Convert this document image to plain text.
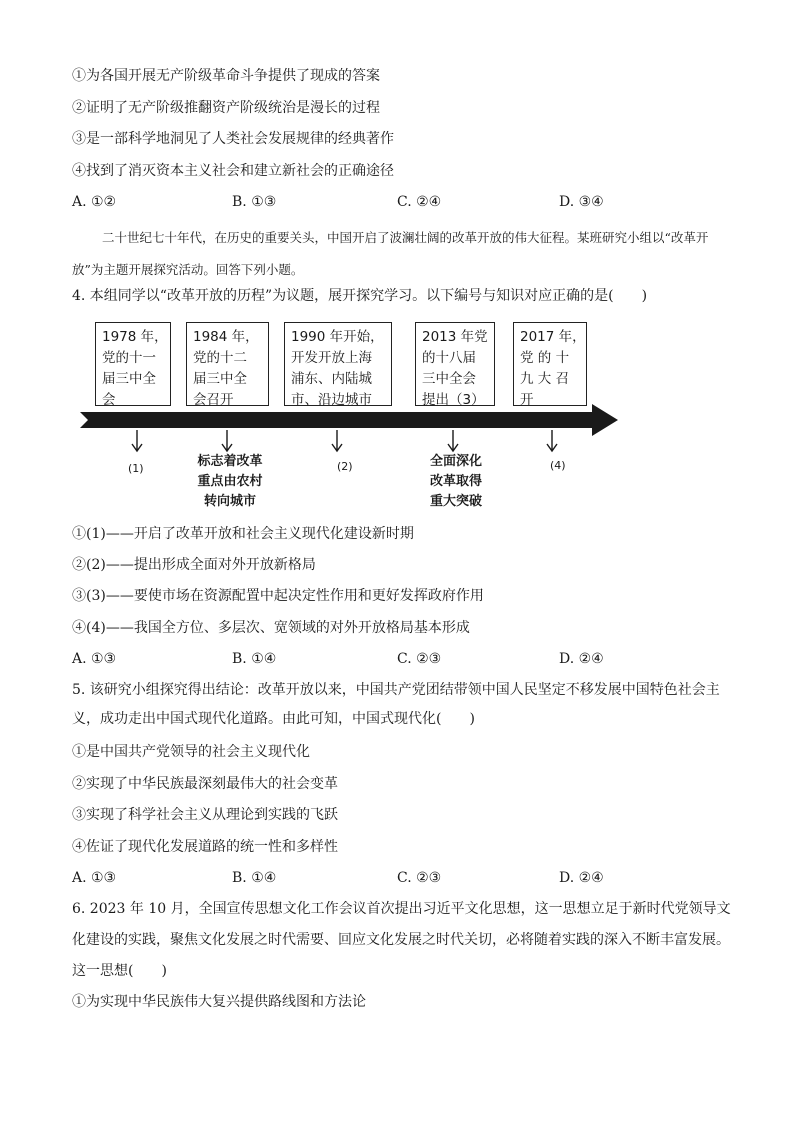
①为各国开展无产阶级革命斗争提供了现成的答案
②证明了无产阶级推翻资产阶级统治是漫长的过程
③是一部科学地洞见了人类社会发展规律的经典著作
④找到了消灭资本主义社会和建立新社会的正确途径
A. ①②	B. ①③	C. ②④	D. ③④
二十世纪七十年代，在历史的重要关头，中国开启了波澜壮阔的改革开放的伟大征程。某班研究小组以“改革开放”为主题开展探究活动。回答下列小题。
4. 本组同学以“改革开放的历程”为议题，展开探究学习。以下编号与知识对应正确的是(　　)
1978 年，
党的十一
届三中全
会
1984 年，
党的十二
届三中全
会召开
1990 年开始，
开发开放上海
浦东、内陆城
市、沿边城市
2013 年党
的十八届
三中全会
提出（3）
2017 年，
党 的 十
九 大 召
开
(1)	标志着改革
重点由农村
转向城市
(2)	全面深化
改革取得
重大突破
(4)
①(1)——开启了改革开放和社会主义现代化建设新时期
②(2)——提出形成全面对外开放新格局
③(3)——要使市场在资源配置中起决定性作用和更好发挥政府作用
④(4)——我国全方位、多层次、宽领域的对外开放格局基本形成
A. ①③	B. ①④	C. ②③	D. ②④
5. 该研究小组探究得出结论：改革开放以来，中国共产党团结带领中国人民坚定不移发展中国特色社会主义，成功走出中国式现代化道路。由此可知，中国式现代化(　　)
①是中国共产党领导的社会主义现代化
②实现了中华民族最深刻最伟大的社会变革
③实现了科学社会主义从理论到实践的飞跃
④佐证了现代化发展道路的统一性和多样性
A. ①③	B. ①④	C. ②③	D. ②④
6. 2023 年 10 月，全国宣传思想文化工作会议首次提出习近平文化思想，这一思想立足于新时代党领导文化建设的实践，聚焦文化发展之时代需要、回应文化发展之时代关切，必将随着实践的深入不断丰富发展。这一思想(　　)
①为实现中华民族伟大复兴提供路线图和方法论
